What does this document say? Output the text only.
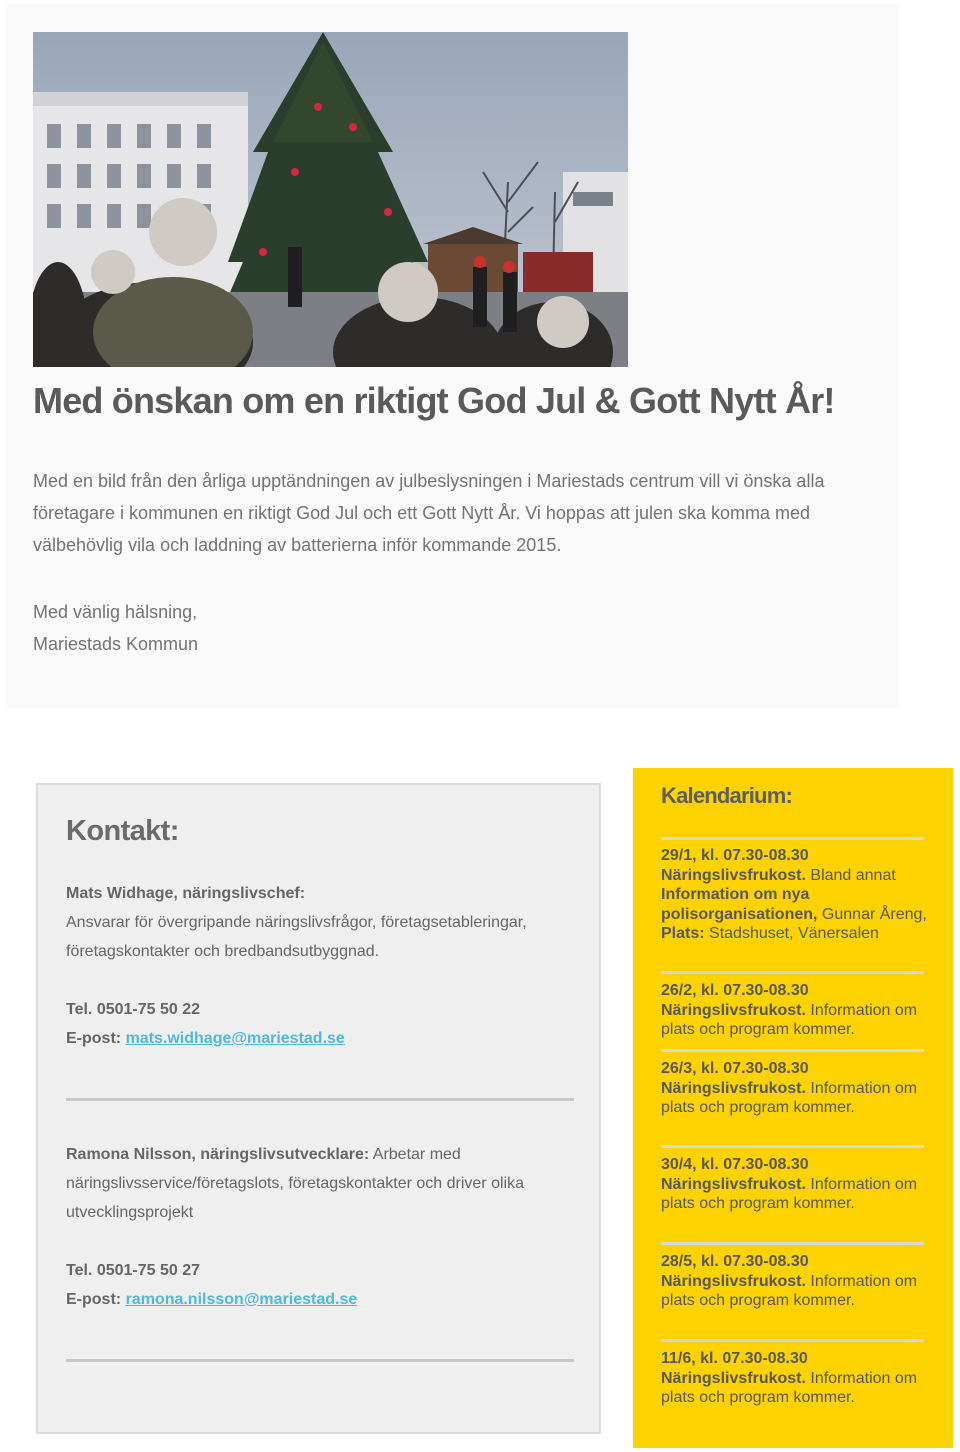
Med önskan om en riktigt God Jul & Gott Nytt År!

Med en bild från den årliga upptändningen av julbeslysningen i Mariestads centrum vill vi önska alla företagare i kommunen en riktigt God Jul och ett Gott Nytt År. Vi hoppas att julen ska komma med välbehövlig vila och laddning av batterierna inför kommande 2015.

Med vänlig hälsning,
Mariestads Kommun

Kontakt:
Mats Widhage, näringslivschef:
Ansvarar för övergripande näringslivsfrågor, företagsetableringar, företagskontakter och bredbandsutbyggnad.
Tel. 0501-75 50 22
E-post: mats.widhage@mariestad.se
Ramona Nilsson, näringslivsutvecklare: Arbetar med näringslivsservice/företagslots, företagskontakter och driver olika utvecklingsprojekt
Tel. 0501-75 50 27
E-post: ramona.nilsson@mariestad.se
Kalendarium:
29/1, kl. 07.30-08.30
Näringslivsfrukost. Bland annat Information om nya polisorganisationen, Gunnar Åreng, Plats: Stadshuset, Vänersalen
26/2, kl. 07.30-08.30
Näringslivsfrukost. Information om plats och program kommer.
26/3, kl. 07.30-08.30
Näringslivsfrukost. Information om plats och program kommer.
30/4, kl. 07.30-08.30
Näringslivsfrukost. Information om plats och program kommer.
28/5, kl. 07.30-08.30
Näringslivsfrukost. Information om plats och program kommer.
11/6, kl. 07.30-08.30
Näringslivsfrukost. Information om plats och program kommer.
